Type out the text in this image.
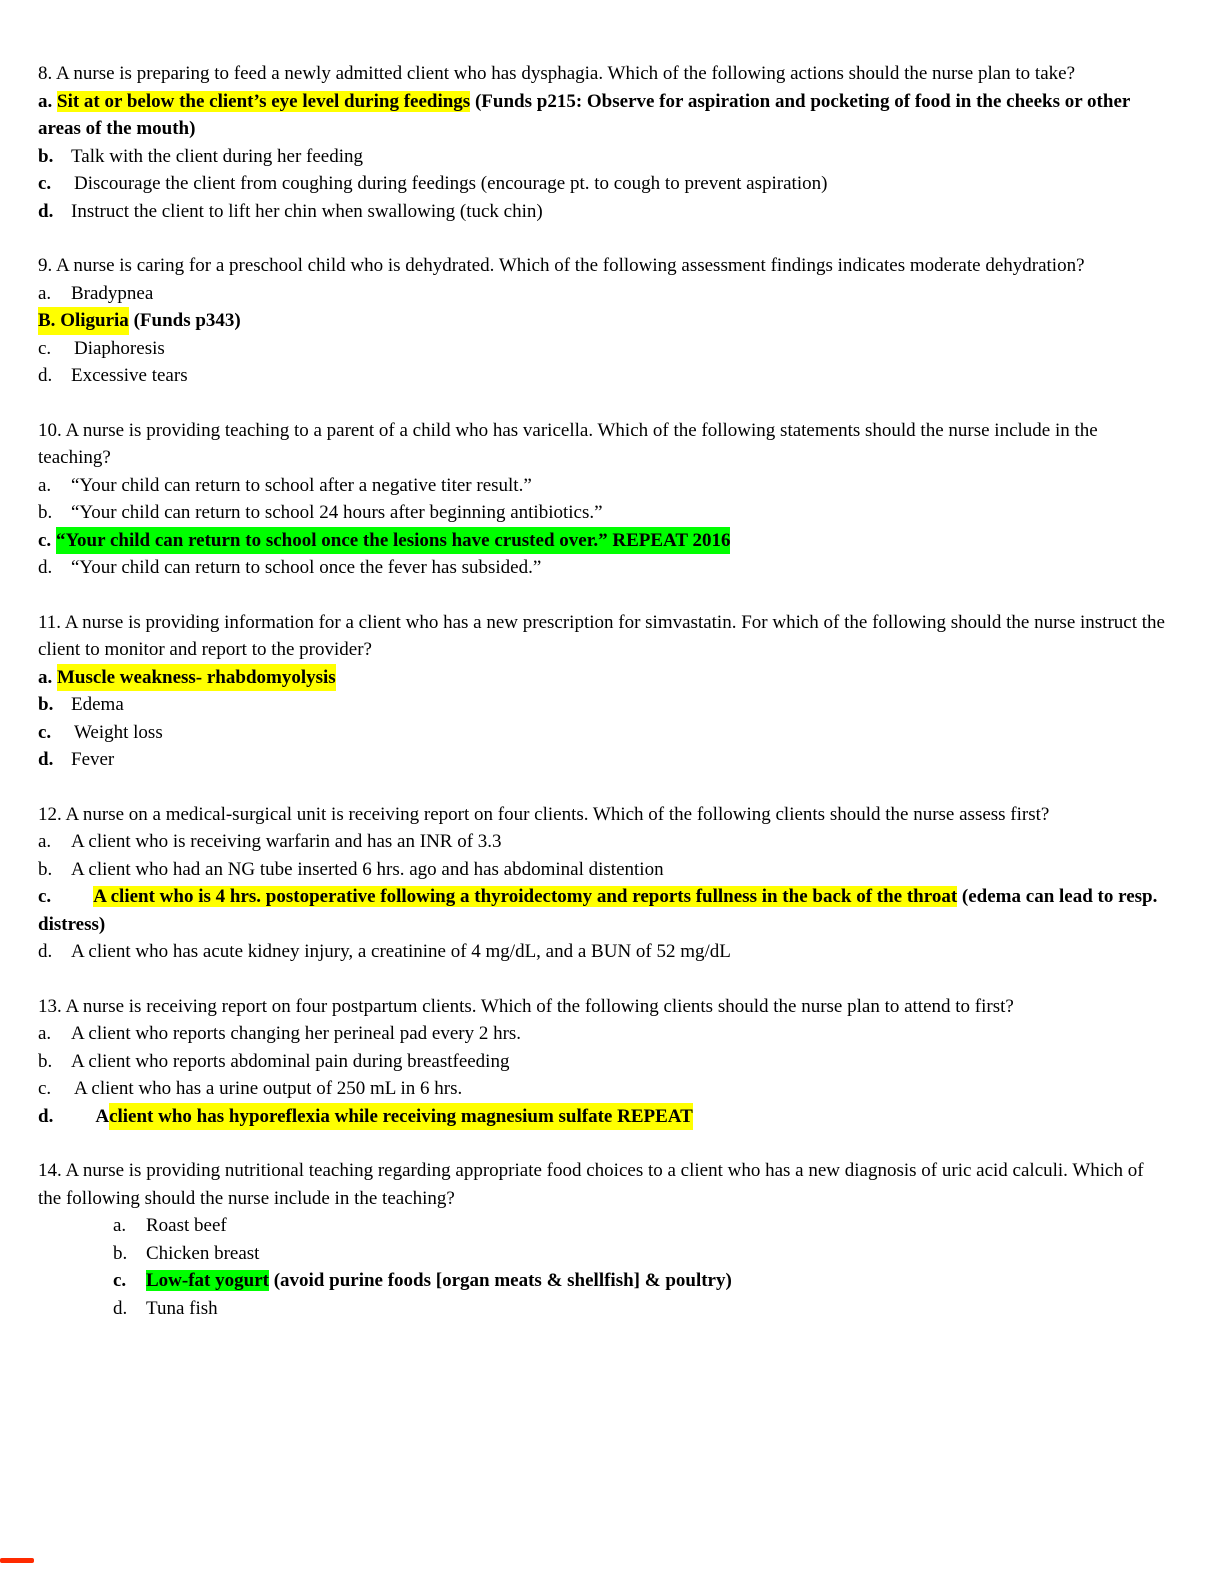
8. A nurse is preparing to feed a newly admitted client who has dysphagia. Which of the following actions should the nurse plan to take?
a. Sit at or below the client’s eye level during feedings (Funds p215: Observe for aspiration and pocketing of food in the cheeks or other areas of the mouth)
b. Talk with the client during her feeding
c.	Discourage the client from coughing during feedings (encourage pt. to cough to prevent aspiration)
d. Instruct the client to lift her chin when swallowing (tuck chin)
9. A nurse is caring for a preschool child who is dehydrated. Which of the following assessment findings indicates moderate dehydration?
a.	Bradypnea
B. Oliguria
(Funds p343)
c.	Diaphoresis
d. Excessive tears
10. A nurse is providing teaching to a parent of a child who has varicella. Which of the following statements should the nurse include in the teaching?
a.	“Your child can return to school after a negative titer result.”
b. “Your child can return to school 24 hours after beginning antibiotics.”
c.
“Your child can return to school once the lesions have crusted over.” REPEAT 2016
d. “Your child can return to school once the fever has subsided.”
11. A nurse is providing information for a client who has a new prescription for simvastatin. For which of the following should the nurse instruct the client to monitor and report to the provider?
a.
Muscle weakness- rhabdomyolysis
b. Edema
c.	Weight loss
d. Fever
12. A nurse on a medical-surgical unit is receiving report on four clients. Which of the following clients should the nurse assess first?
a.	A client who is receiving warfarin and has an INR of 3.3
b. A client who had an NG tube inserted 6 hrs. ago and has abdominal distention
c. A client who is 4 hrs. postoperative following a thyroidectomy and reports fullness in the back of the throat (edema can lead to resp. distress)
d. A client who has acute kidney injury, a creatinine of 4 mg/dL, and a BUN of 52 mg/dL
13. A nurse is receiving report on four postpartum clients. Which of the following clients should the nurse plan to attend to first?
a.	A client who reports changing her perineal pad every 2 hrs.
b. A client who reports abdominal pain during breastfeeding
c.	A client who has a urine output of 250 mL in 6 hrs.
d. A client who has hyporeflexia while receiving magnesium sulfate REPEAT
14. A nurse is providing nutritional teaching regarding appropriate food choices to a client who has a new diagnosis of uric acid calculi. Which of the following should the nurse include in the teaching?
a.	Roast beef
b. Chicken breast
c.	Low-fat yogurt (avoid purine foods [organ meats & shellfish] & poultry)
d. Tuna fish
